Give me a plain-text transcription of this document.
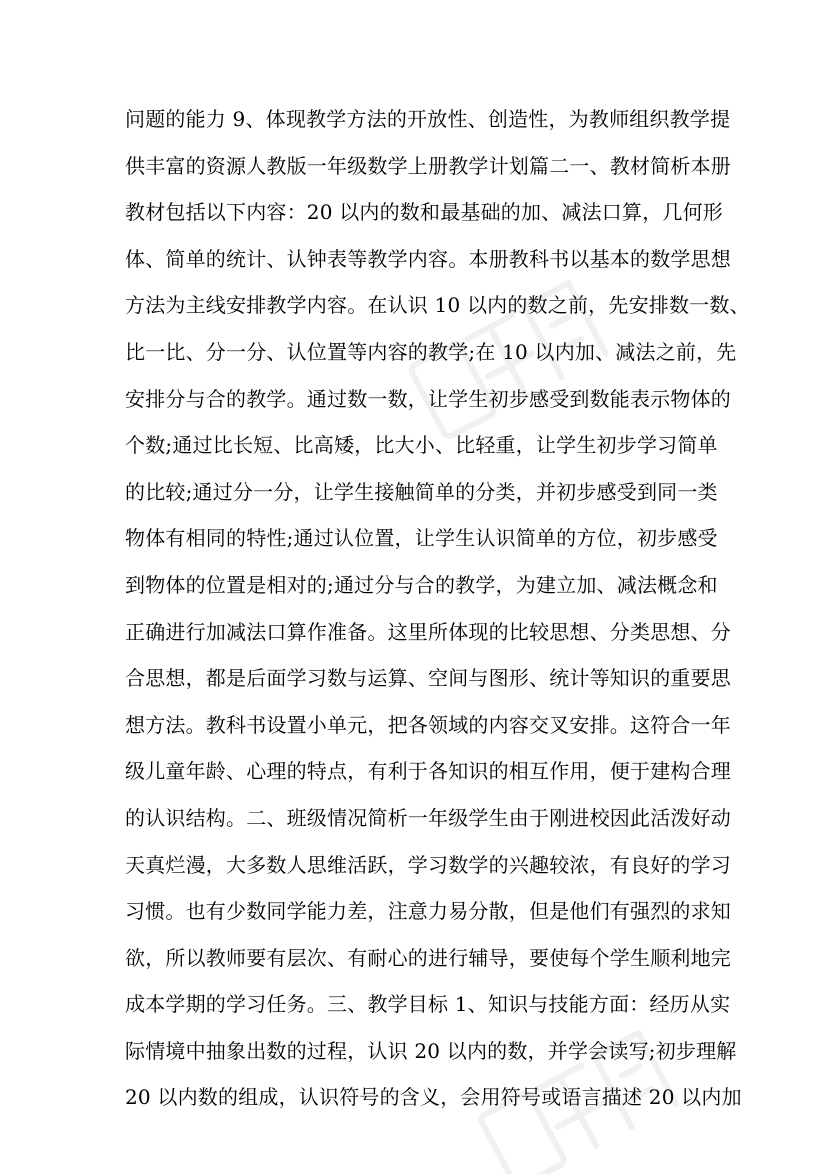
问题的能力 9、体现教学方法的开放性、创造性，为教师组织教学提
供丰富的资源人教版一年级数学上册教学计划篇二一、教材简析本册
教材包括以下内容：20 以内的数和最基础的加、减法口算，几何形
体、简单的统计、认钟表等教学内容。本册教科书以基本的数学思想
方法为主线安排教学内容。在认识 10 以内的数之前，先安排数一数、
比一比、分一分、认位置等内容的教学;在 10 以内加、减法之前，先
安排分与合的教学。通过数一数，让学生初步感受到数能表示物体的
个数;通过比长短、比高矮，比大小、比轻重，让学生初步学习简单
的比较;通过分一分，让学生接触简单的分类，并初步感受到同一类
物体有相同的特性;通过认位置，让学生认识简单的方位，初步感受
到物体的位置是相对的;通过分与合的教学，为建立加、减法概念和
正确进行加减法口算作准备。这里所体现的比较思想、分类思想、分
合思想，都是后面学习数与运算、空间与图形、统计等知识的重要思
想方法。教科书设置小单元，把各领域的内容交叉安排。这符合一年
级儿童年龄、心理的特点，有利于各知识的相互作用，便于建构合理
的认识结构。二、班级情况简析一年级学生由于刚进校因此活泼好动
天真烂漫，大多数人思维活跃，学习数学的兴趣较浓，有良好的学习
习惯。也有少数同学能力差，注意力易分散，但是他们有强烈的求知
欲，所以教师要有层次、有耐心的进行辅导，要使每个学生顺利地完
成本学期的学习任务。三、教学目标 1、知识与技能方面：经历从实
际情境中抽象出数的过程，认识 20 以内的数，并学会读写;初步理解
20 以内数的组成，认识符号的含义，会用符号或语言描述 20 以内加
